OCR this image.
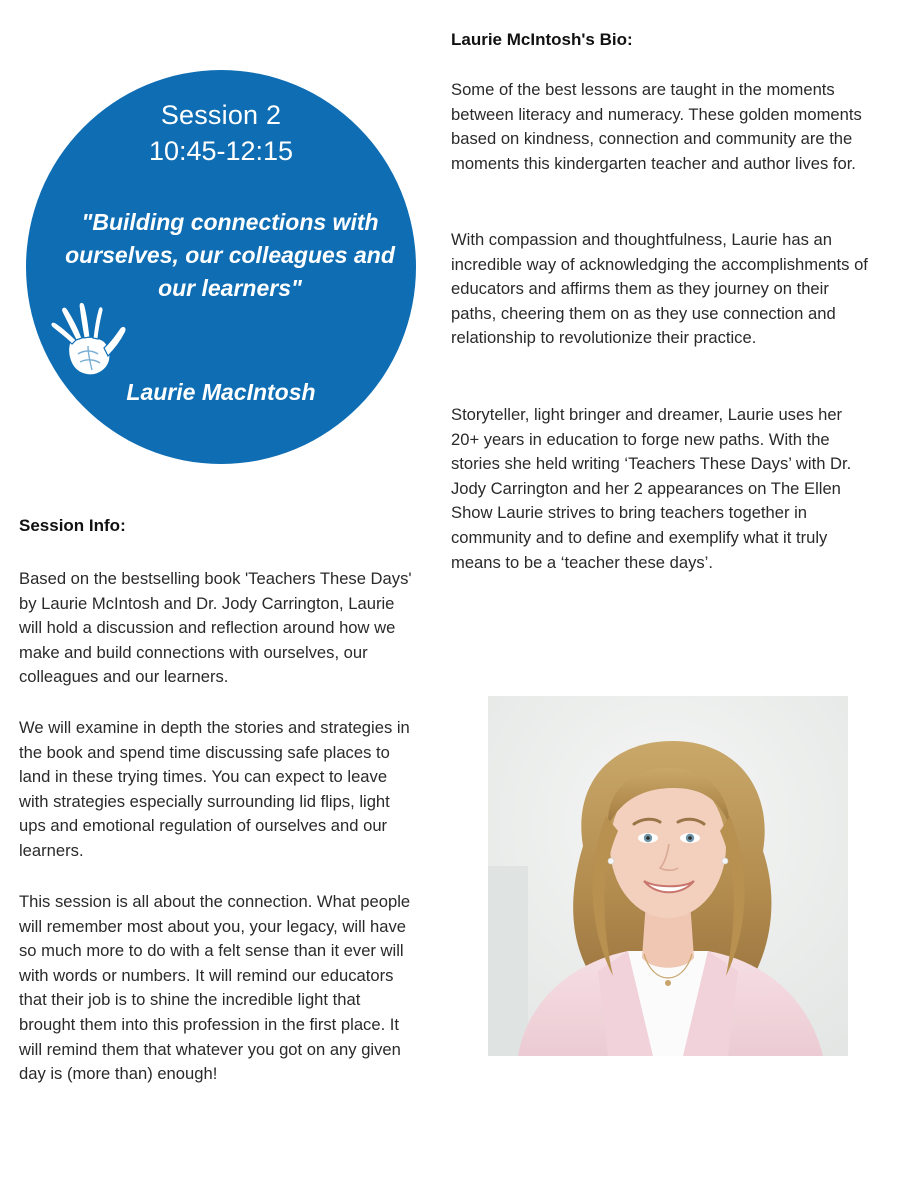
Session 2
10:45-12:15
"Building connections with ourselves, our colleagues and our learners"
Laurie MacIntosh
Laurie McIntosh's Bio:

Some of the best lessons are taught in the moments between literacy and numeracy. These golden moments based on kindness, connection and community are the moments this kindergarten teacher and author lives for.

With compassion and thoughtfulness, Laurie has an incredible way of acknowledging the accomplishments of educators and affirms them as they journey on their paths, cheering them on as they use connection and relationship to revolutionize their practice.

Storyteller, light bringer and dreamer, Laurie uses her 20+ years in education to forge new paths. With the stories she held writing ‘Teachers These Days’ with Dr. Jody Carrington and her 2 appearances on The Ellen Show Laurie strives to bring teachers together in community and to define and exemplify what it truly means to be a ‘teacher these days’.

Session Info:

Based on the bestselling book 'Teachers These Days' by Laurie McIntosh and Dr. Jody Carrington, Laurie will hold a discussion and reflection around how we make and build connections with ourselves, our colleagues and our learners.

We will examine in depth the stories and strategies in the book and spend time discussing safe places to land in these trying times. You can expect to leave with strategies especially surrounding lid flips, light ups and emotional regulation of ourselves and our learners.

This session is all about the connection. What people will remember most about you, your legacy, will have so much more to do with a felt sense than it ever will with words or numbers. It will remind our educators that their job is to shine the incredible light that brought them into this profession in the first place. It will remind them that whatever you got on any given day is (more than) enough!
